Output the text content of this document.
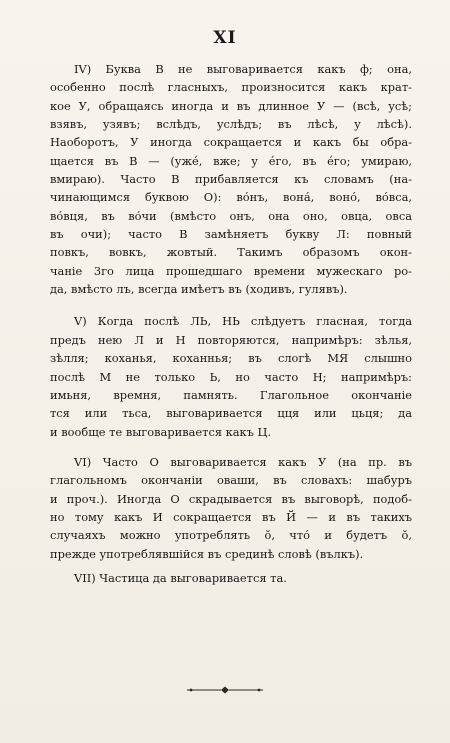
XI
IV) Буква В не выговаривается какъ ф; она,
особенно послѣ гласныхъ, произносится какъ крат-
кое У, обращаясь иногда и въ длинное У — (всѣ, усѣ;
взявъ, узявъ; вслѣдъ, услѣдъ; въ лѣсѣ, у лѣсѣ).
Наоборотъ, У иногда сокращается и какъ бы обра-
щается въ В — (ужé, вже; у éго, въ éго; умираю,
вмираю). Часто В прибавляется къ словамъ (на-
чинающимся буквою О): во́нъ, вона́, воно́, во́вса,
во́вця, въ во́чи (вмѣсто онъ, она оно, овца, овса
въ очи); часто В замѣняетъ букву Л: повный
повкъ, вовкъ, жовтый. Такимъ образомъ окон-
чаніе 3го лица прошедшаго времени мужескаго ро-
да, вмѣсто лъ, всегда имѣетъ въ (ходивъ, гулявъ).
V) Когда послѣ ЛЬ, НЬ слѣдуетъ гласная, тогда
предъ нею Л и Н повторяются, напримѣръ: зѣлья,
зѣлля; коханья, коханнья; въ слогѣ МЯ слышно
послѣ М не только Ь, но часто Н; напримѣръ:
имьня, времня, памнять. Глагольное окончаніе
тся или тьса, выговаривается цця или цьця; да
и вообще те выговаривается какъ Ц.
VI) Часто О выговаривается какъ У (на пр. въ
глагольномъ окончаніи оваши, въ словахъ: шабуръ
и проч.). Иногда О скрадывается въ выговорѣ, подоб-
но тому какъ И сокращается въ Й — и въ такихъ
случаяхъ можно употреблять ŏ, что́ и будетъ ŏ,
прежде употреблявшійся въ срединѣ словѣ (вълкъ).
VII) Частица да выговаривается та.
